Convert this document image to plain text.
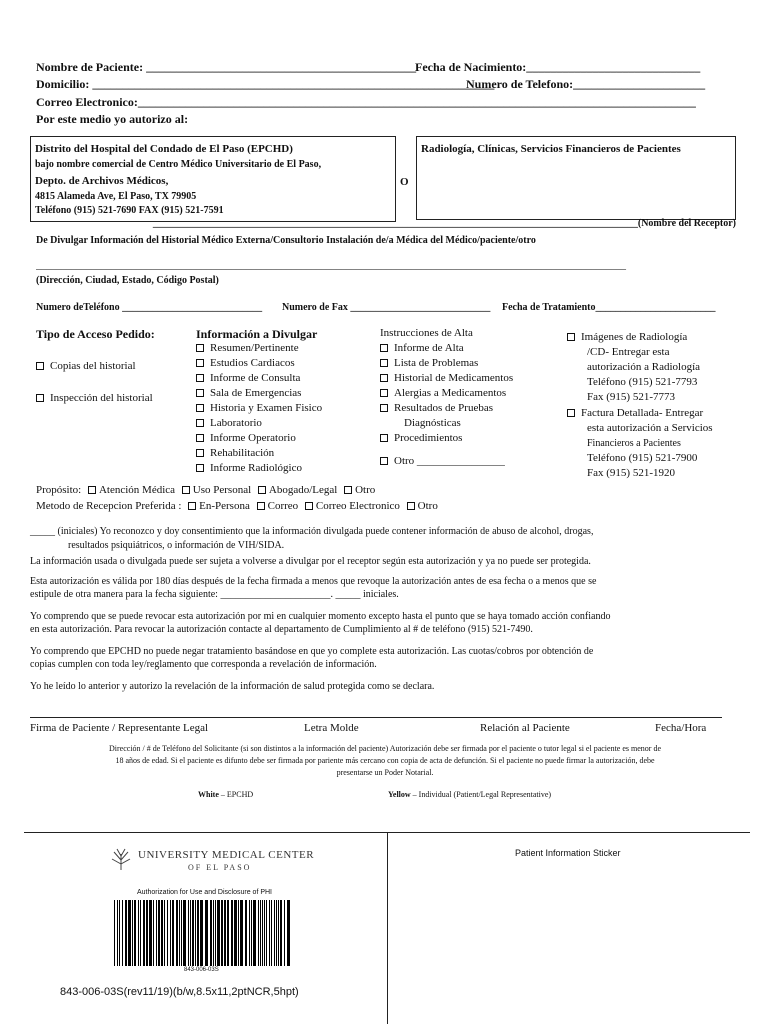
Nombre de Paciente: _____________________________________________
Fecha de Nacimiento:_____________________________
Domicilio: ___________________________________________________________________
Numero de Telefono:______________________
Correo Electronico:_____________________________________________________________________________________________
Por este medio yo autorizo al:
Distrito del Hospital del Condado de El Paso (EPCHD)
bajo nombre comercial de Centro Médico Universitario de El Paso,
Depto. de Archivos Médicos,
4815 Alameda Ave, El Paso, TX 79905
Teléfono (915) 521-7690 FAX (915) 521-7591
O
Radiología, Clínicas, Servicios Financieros de Pacientes
_________________________________________________________________________________________________(Nombre del Receptor)
De Divulgar Información del Historial Médico Externa/Consultorio Instalación de/a Médica del Médico/paciente/otro
______________________________________________________________________________________________________________________
(Dirección, Ciudad, Estado, Código Postal)
Numero deTeléfono ____________________________ Numero de Fax ____________________________ Fecha de Tratamiento________________________
Tipo de Acceso Pedido:
Copias del historial
Inspección del historial
Información a Divulgar
Resumen/Pertinente
Estudios Cardiacos
Informe de Consulta
Sala de Emergencias
Historia y Examen Fisico
Laboratorio
Informe Operatorio
Rehabilitación
Informe Radiológico
Instrucciones de Alta
Informe de Alta
Lista de Problemas
Historial de Medicamentos
Alergias a Medicamentos
Resultados de Pruebas
Diagnósticas
Procedimientos
Otro ________________
Imágenes de Radiología
/CD- Entregar esta
autorización a Radiología
Teléfono (915) 521-7793
Fax (915) 521-7773
Factura Detallada- Entregar
esta autorización a Servicios
Financieros a Pacientes
Teléfono (915) 521-7900
Fax (915) 521-1920
Propósito: Atención Médica Uso Personal Abogado/Legal Otro
Metodo de Recepcion Preferida : En-Persona Correo Correo Electronico Otro
_____ (iniciales) Yo reconozco y doy consentimiento que la información divulgada puede contener información de abuso de alcohol, drogas,
resultados psiquiátricos, o información de VIH/SIDA.
La información usada o divulgada puede ser sujeta a volverse a divulgar por el receptor según esta autorización y ya no puede ser protegida.
Esta autorización es válida por 180 días después de la fecha firmada a menos que revoque la autorización antes de esa fecha o a menos que se
estipule de otra manera para la fecha siguiente: ______________________. _____ iniciales.
Yo comprendo que se puede revocar esta autorización por mi en cualquier momento excepto hasta el punto que se haya tomado acción confiando
en esta autorización. Para revocar la autorización contacte al departamento de Cumplimiento al # de teléfono (915) 521-7490.
Yo comprendo que EPCHD no puede negar tratamiento basándose en que yo complete esta autorización. Las cuotas/cobros por obtención de
copias cumplen con toda ley/reglamento que corresponda a revelación de información.
Yo he leído lo anterior y autorizo la revelación de la información de salud protegida como se declara.
Firma de Paciente / Representante Legal	Letra Molde	Relación al Paciente	Fecha/Hora
Dirección / # de Teléfono del Solicitante (si son distintos a la información del paciente) Autorización debe ser firmada por el paciente o tutor legal si el paciente es menor de
18 años de edad. Si el paciente es difunto debe ser firmada por pariente más cercano con copia de acta de defunción. Si el paciente no puede firmar la autorización, debe
presentarse un Poder Notarial.
White – EPCHD	Yellow – Individual (Patient/Legal Representative)
UNIVERSITY MEDICAL CENTER
OF EL PASO
Authorization for Use and Disclosure of PHI
843-006-03S
843-006-03S(rev11/19)(b/w,8.5x11,2ptNCR,5hpt)
Patient Information Sticker
